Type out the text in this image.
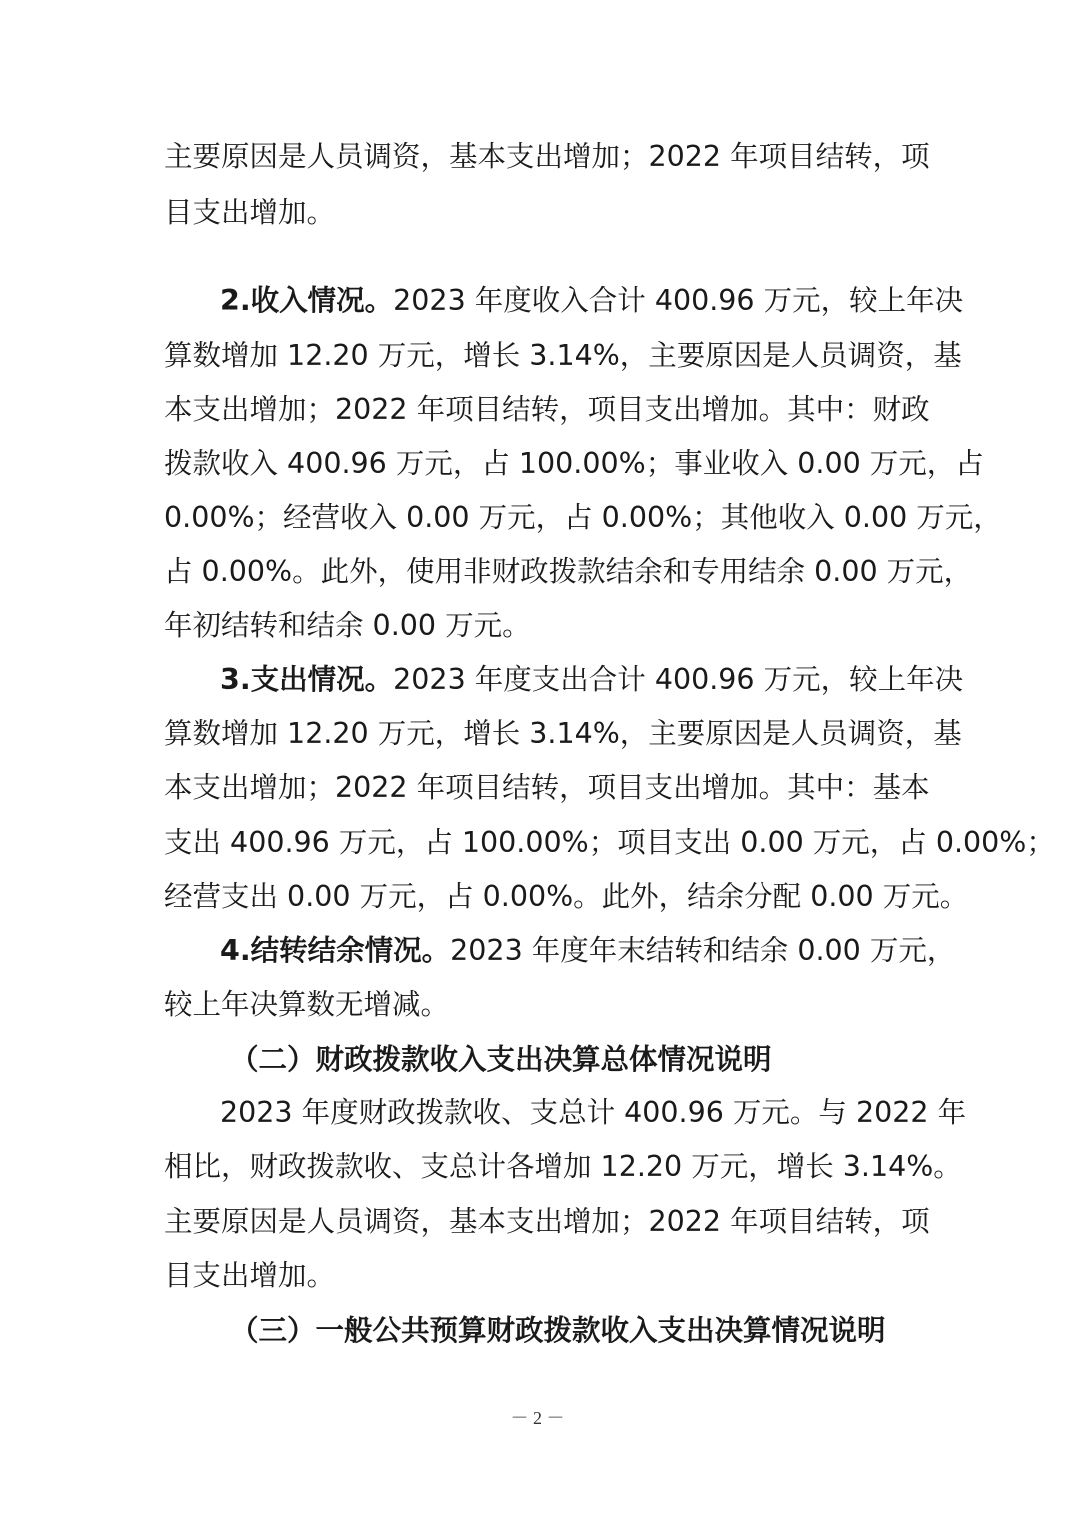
主要原因是人员调资，基本支出增加；2022 年项目结转，项
目支出增加。
2.收入情况。2023 年度收入合计 400.96 万元，较上年决
算数增加 12.20 万元，增长 3.14%，主要原因是人员调资，基
本支出增加；2022 年项目结转，项目支出增加。其中：财政
拨款收入 400.96 万元，占 100.00%；事业收入 0.00 万元，占
0.00%；经营收入 0.00 万元，占 0.00%；其他收入 0.00 万元，
占 0.00%。此外，使用非财政拨款结余和专用结余 0.00 万元，
年初结转和结余 0.00 万元。
3.支出情况。2023 年度支出合计 400.96 万元，较上年决
算数增加 12.20 万元，增长 3.14%，主要原因是人员调资，基
本支出增加；2022 年项目结转，项目支出增加。其中：基本
支出 400.96 万元，占 100.00%；项目支出 0.00 万元，占 0.00%；
经营支出 0.00 万元，占 0.00%。此外，结余分配 0.00 万元。
4.结转结余情况。2023 年度年末结转和结余 0.00 万元，
较上年决算数无增减。
（二）财政拨款收入支出决算总体情况说明
2023 年度财政拨款收、支总计 400.96 万元。与 2022 年
相比，财政拨款收、支总计各增加 12.20 万元，增长 3.14%。
主要原因是人员调资，基本支出增加；2022 年项目结转，项
目支出增加。
（三）一般公共预算财政拨款收入支出决算情况说明
－ 2 －
